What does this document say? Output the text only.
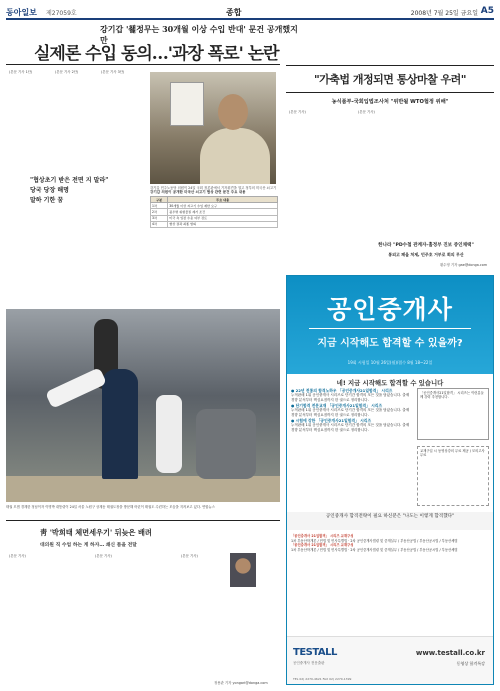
동아일보 제27059호	종합	2008년 7월 25일 금요일 A5
강기갑 '쵍정무는 30개월 이상 수입 반대' 문건 공개했지만
실제론 수입 동의…'과장 폭로' 논란

(본문 기사 1단)	(본문 기사 2단)	(본문 기사 3단)

"협상초기 받은 전면 지 말라"
당국 당장 해명
말하 기한 꿈
강기갑 민주노동당 의원이 24일 국회 정론관에서 기자회견을 열고 정부의 미국산 쇠고기
강기갑 의원이 공개한 미국산 쇠고기 협상 관련 문건 주요 내용
구분	주요 내용
1차	30개월 이상 쇠고기 수입 제한 요구
2차	광우병 위험물질 제거 조건
3차	미국 측 입장 수용 여부 검토
4차	협상 결과 최종 합의
"가축법 개정되면 통상마찰 우려"
농식품부-국회입법조사처 "위반될 WTO협정 위배"

(본문 기사)	(본문 기사)

한나라 "PD수첩 관계자-홀정부 진보 증인채택"
통외고 패을 처제, 민주호 거부로 회의 무산
황수영 기자 gae@donga.com
태권 모범 경계한 정남이자 이명박 대통령이 24일 서울 노원구 상계동 태권도장을 방문해 어린이 태권도 수련하는 모습을 지켜보고 있다. 연합뉴스
靑 '박희태 체면세우기' 뒤늦은 배려
대의원 직 수업 하는 게 하자… 쇄신 틈을 전달

(본문 기사)	(본문 기사)	(본문 기사)

정용관 기자 yongari@donga.com
공인중개사
지금 시작해도 합격할 수 있을까?
19회 시험일 10월 26일(월)/접수 8월 18~22일
네! 지금 시작해도 합격할 수 있습니다
● 22년 전통의 합격노하우 「공인중개사21일합격」 시리즈
누적판매 1위 공인중개사 시리즈로 단기간 합격의 모든 것을 담았습니다. 출제경향 분석부터 핵심요점까지 한 권으로 정리합니다.
● 단기합격 전문교재 「공인중개사21일합격」 시리즈
누적판매 1위 공인중개사 시리즈로 단기간 합격의 모든 것을 담았습니다. 출제경향 분석부터 핵심요점까지 한 권으로 정리합니다.
● 시험에 강한 「공인중개사21일합격」 시리즈
누적판매 1위 공인중개사 시리즈로 단기간 합격의 모든 것을 담았습니다. 출제경향 분석부터 핵심요점까지 한 권으로 정리합니다.
「공인중개사21일합격」 시리즈는 이런분들께 강력 추천합니다.
교재구입 시 동영상강의 무료 제공 / 모의고사 무료
공인중개사 합격전략이 필요 하신분은 "나도는 이렇게 합격했다"
「공인중개사 21일합격」 시리즈 교재구성
1차 부동산학개론 / 민법 및 민사특별법 · 2차 공인중개사법령 및 중개실무 / 부동산공법 / 부동산공시법 / 부동산세법
「공인중개사 21일합격」 시리즈 교재구성
1차 부동산학개론 / 민법 및 민사특별법 · 2차 공인중개사법령 및 중개실무 / 부동산공법 / 부동산공시법 / 부동산세법
TESTALL
공인중개사 전문출판
www.testall.co.kr
동영상 합격특강
TEL 02) 2270-4621 FAX 02) 2270-1399
